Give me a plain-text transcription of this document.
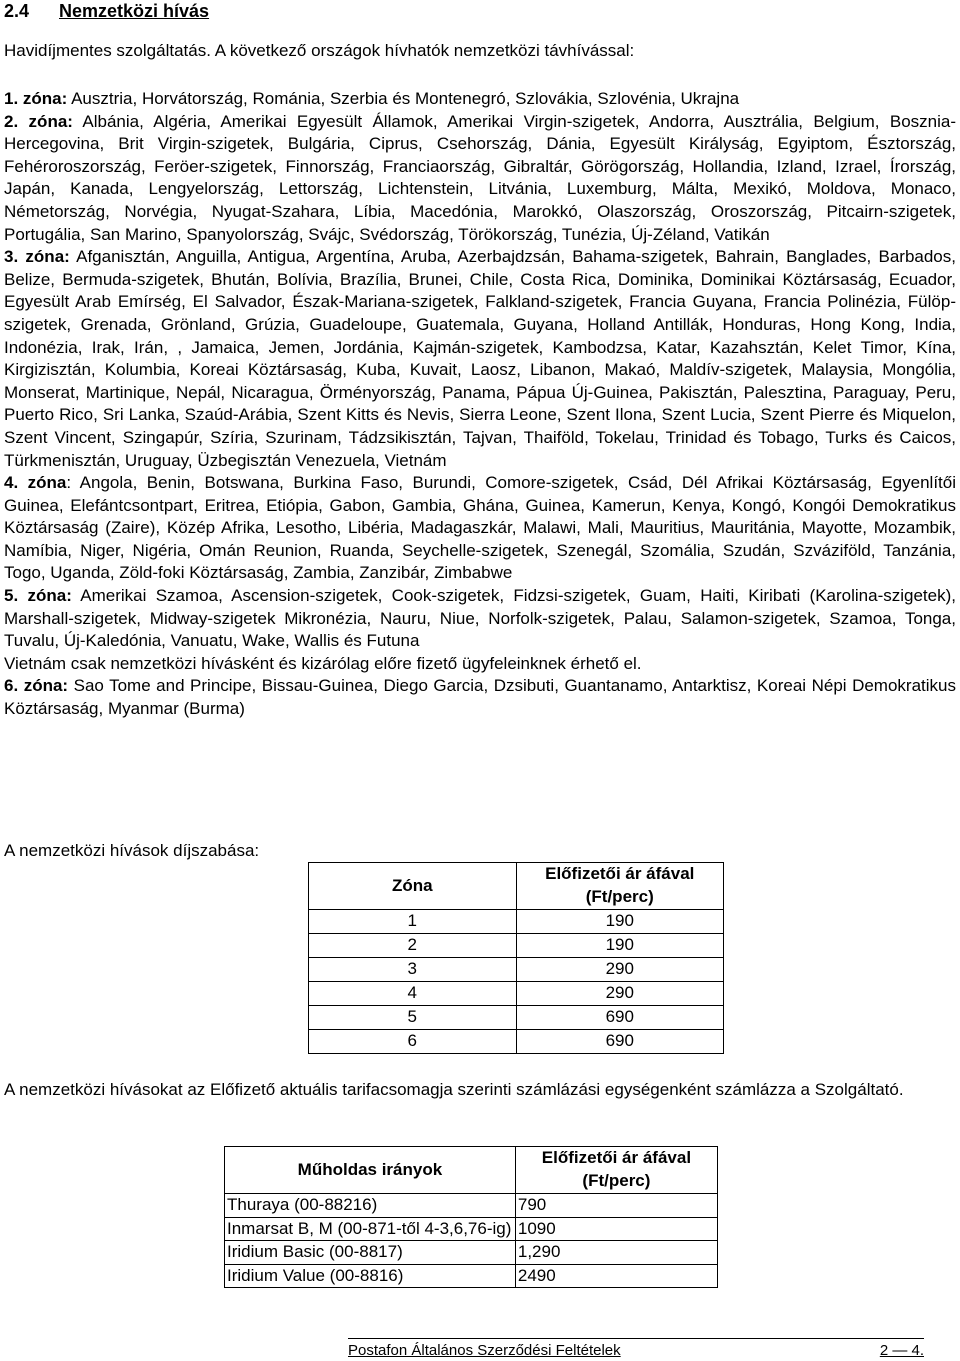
2.4 Nemzetközi hívás
Havidíjmentes szolgáltatás. A következő országok hívhatók nemzetközi távhívással:

1. zóna: Ausztria, Horvátország, Románia, Szerbia és Montenegró, Szlovákia, Szlovénia, Ukrajna

2. zóna: Albánia, Algéria, Amerikai Egyesült Államok, Amerikai Virgin-szigetek, Andorra, Ausztrália, Belgium, Bosznia-Hercegovina, Brit Virgin-szigetek, Bulgária, Ciprus, Csehország, Dánia, Egyesült Királyság, Egyiptom, Észtország, Fehéroroszország, Feröer-szigetek, Finnország, Franciaország, Gibraltár, Görögország, Hollandia, Izland, Izrael, Írország, Japán, Kanada, Lengyelország, Lettország, Lichtenstein, Litvánia, Luxemburg, Málta, Mexikó, Moldova, Monaco, Németország, Norvégia, Nyugat-Szahara, Líbia, Macedónia, Marokkó, Olaszország, Oroszország, Pitcairn-szigetek, Portugália, San Marino, Spanyolország, Svájc, Svédország, Törökország, Tunézia, Új-Zéland, Vatikán

3. zóna: Afganisztán, Anguilla, Antigua, Argentína, Aruba, Azerbajdzsán, Bahama-szigetek, Bahrain, Banglades, Barbados, Belize, Bermuda-szigetek, Bhután, Bolívia, Brazília, Brunei, Chile, Costa Rica, Dominika, Dominikai Köztársaság, Ecuador, Egyesült Arab Emírség, El Salvador, Észak-Mariana-szigetek, Falkland-szigetek, Francia Guyana, Francia Polinézia, Fülöp-szigetek, Grenada, Grönland, Grúzia, Guadeloupe, Guatemala, Guyana, Holland Antillák, Honduras, Hong Kong, India, Indonézia, Irak, Irán, , Jamaica, Jemen, Jordánia, Kajmán-szigetek, Kambodzsa, Katar, Kazahsztán, Kelet Timor, Kína, Kirgizisztán, Kolumbia, Koreai Köztársaság, Kuba, Kuvait, Laosz, Libanon, Makaó, Maldív-szigetek, Malaysia, Mongólia, Monserat, Martinique, Nepál, Nicaragua, Örményország, Panama, Pápua Új-Guinea, Pakisztán, Palesztina, Paraguay, Peru, Puerto Rico, Sri Lanka, Szaúd-Arábia, Szent Kitts és Nevis, Sierra Leone, Szent Ilona, Szent Lucia, Szent Pierre és Miquelon, Szent Vincent, Szingapúr, Szíria, Szurinam, Tádzsikisztán, Tajvan, Thaiföld, Tokelau, Trinidad és Tobago, Turks és Caicos, Türkmenisztán, Uruguay, Üzbegisztán Venezuela, Vietnám

4. zóna: Angola, Benin, Botswana, Burkina Faso, Burundi, Comore-szigetek, Csád, Dél Afrikai Köztársaság, Egyenlítői Guinea, Elefántcsontpart, Eritrea, Etiópia, Gabon, Gambia, Ghána, Guinea, Kamerun, Kenya, Kongó, Kongói Demokratikus Köztársaság (Zaire), Közép Afrika, Lesotho, Libéria, Madagaszkár, Malawi, Mali, Mauritius, Mauritánia, Mayotte, Mozambik, Namíbia, Niger, Nigéria, Omán Reunion, Ruanda, Seychelle-szigetek, Szenegál, Szomália, Szudán, Szváziföld, Tanzánia, Togo, Uganda, Zöld-foki Köztársaság, Zambia, Zanzibár, Zimbabwe

5. zóna: Amerikai Szamoa, Ascension-szigetek, Cook-szigetek, Fidzsi-szigetek, Guam, Haiti, Kiribati (Karolina-szigetek), Marshall-szigetek, Midway-szigetek Mikronézia, Nauru, Niue, Norfolk-szigetek, Palau, Salamon-szigetek, Szamoa, Tonga, Tuvalu, Új-Kaledónia, Vanuatu, Wake, Wallis és Futuna

Vietnám csak nemzetközi hívásként és kizárólag előre fizető ügyfeleinknek érhető el.

6. zóna: Sao Tome and Principe, Bissau-Guinea, Diego Garcia, Dzsibuti, Guantanamo, Antarktisz, Koreai Népi Demokratikus Köztársaság, Myanmar (Burma)

A nemzetközi hívások díjszabása:
Zóna	Előfizetői ár áfával (Ft/perc)
1	190
2	190
3	290
4	290
5	690
6	690
A nemzetközi hívásokat az Előfizető aktuális tarifacsomagja szerinti számlázási egységenként számlázza a Szolgáltató.
Műholdas irányok	Előfizetői ár áfával (Ft/perc)
Thuraya (00-88216)	790
Inmarsat B, M (00-871-től 4-3,6,76-ig)	1090
Iridium Basic (00-8817)	1,290
Iridium Value (00-8816)	2490
Postafon Általános Szerződési Feltételek	2 — 4.
